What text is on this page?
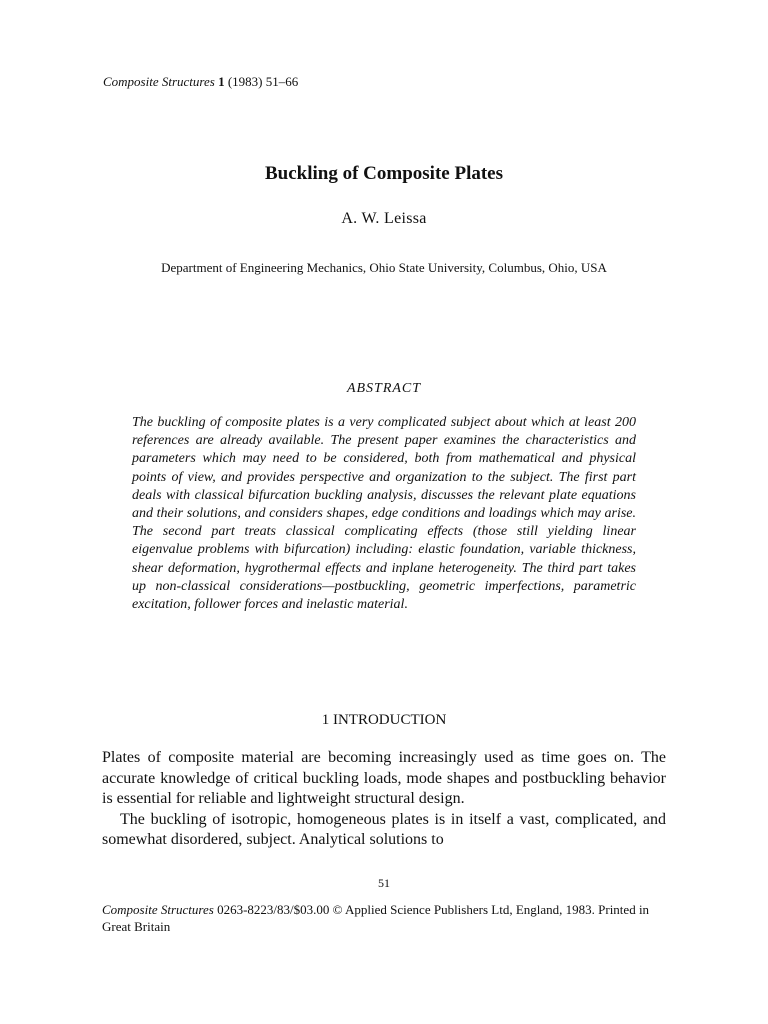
Composite Structures 1 (1983) 51–66
Buckling of Composite Plates
A. W. Leissa
Department of Engineering Mechanics, Ohio State University, Columbus, Ohio, USA
ABSTRACT
The buckling of composite plates is a very complicated subject about which at least 200 references are already available. The present paper examines the characteristics and parameters which may need to be considered, both from mathematical and physical points of view, and provides perspective and organization to the subject. The first part deals with classical bifurcation buckling analysis, discusses the relevant plate equations and their solutions, and considers shapes, edge conditions and loadings which may arise. The second part treats classical complicating effects (those still yielding linear eigenvalue problems with bifurcation) including: elastic foundation, variable thickness, shear deformation, hygrothermal effects and inplane heterogeneity. The third part takes up non-classical considerations—postbuckling, geometric imperfections, parametric excitation, follower forces and inelastic material.
1 INTRODUCTION

Plates of composite material are becoming increasingly used as time goes on. The accurate knowledge of critical buckling loads, mode shapes and postbuckling behavior is essential for reliable and lightweight structural design.

The buckling of isotropic, homogeneous plates is in itself a vast, complicated, and somewhat disordered, subject. Analytical solutions to

51
Composite Structures 0263-8223/83/$03.00 © Applied Science Publishers Ltd, England, 1983. Printed in Great Britain
